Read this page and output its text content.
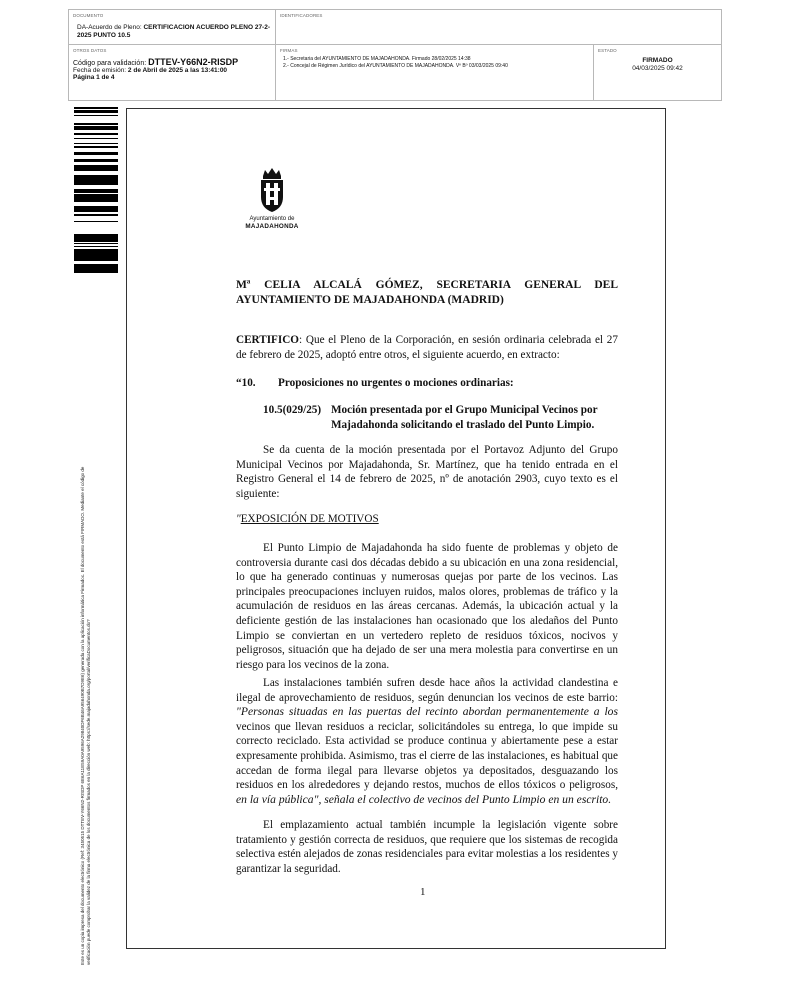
DOCUMENTO
DA-Acuerdo de Pleno: CERTIFICACION ACUERDO PLENO 27-2-2025 PUNTO 10.5
IDENTIFICADORES
OTROS DATOS
Código para validación: DTTEV-Y66N2-RISDP
Fecha de emisión: 2 de Abril de 2025 a las 13:41:00
Página 1 de 4
FIRMAS
1.- Secretaria del AYUNTAMIENTO DE MAJADAHONDA. Firmado 28/02/2025 14:38
2.- Concejal de Régimen Jurídico del AYUNTAMIENTO DE MAJADAHONDA. Vº Bº 03/03/2025 09:40
ESTADO
FIRMADO
04/03/2025 09:42
Este es un copia impresa del documento electrónico (Ref: 3450515 DTTEV-Y66N2-RISDP 6E6A11E59A0A9596A29840DF6B46A956490B7D9E6) generada con la aplicación informática Firmadoc. El documento está FIRMADO. Mediante el código de verificación puede comprobar la validez de la firma electrónica de los documentos firmados en la dirección web: https://sede.majadahonda.org/portal/verificaDocumentos.do?
Ayuntamiento de
MAJADAHONDA
Mª CELIA ALCALÁ GÓMEZ, SECRETARIA GENERAL DEL AYUNTAMIENTO DE MAJADAHONDA (MADRID)
CERTIFICO: Que el Pleno de la Corporación, en sesión ordinaria celebrada el 27 de febrero de 2025, adoptó entre otros, el siguiente acuerdo, en extracto:
“10. Proposiciones no urgentes o mociones ordinarias:
10.5(029/25) Moción presentada por el Grupo Municipal Vecinos por Majadahonda solicitando el traslado del Punto Limpio.
Se da cuenta de la moción presentada por el Portavoz Adjunto del Grupo Municipal Vecinos por Majadahonda, Sr. Martínez, que ha tenido entrada en el Registro General el 14 de febrero de 2025, nº de anotación 2903, cuyo texto es el siguiente:
"EXPOSICIÓN DE MOTIVOS
El Punto Limpio de Majadahonda ha sido fuente de problemas y objeto de controversia durante casi dos décadas debido a su ubicación en una zona residencial, lo que ha generado continuas y numerosas quejas por parte de los vecinos. Las principales preocupaciones incluyen ruidos, malos olores, problemas de tráfico y la acumulación de residuos en las áreas cercanas. Además, la ubicación actual y la deficiente gestión de las instalaciones han ocasionado que los aledaños del Punto Limpio se conviertan en un vertedero repleto de residuos tóxicos, nocivos y peligrosos, situación que ha dejado de ser una mera molestia para convertirse en un riesgo para los vecinos de la zona.
Las instalaciones también sufren desde hace años la actividad clandestina e ilegal de aprovechamiento de residuos, según denuncian los vecinos de este barrio: "Personas situadas en las puertas del recinto abordan permanentemente a los vecinos que llevan residuos a reciclar, solicitándoles su entrega, lo que impide su correcto reciclado. Esta actividad se produce continua y abiertamente pese a estar expresamente prohibida. Asimismo, tras el cierre de las instalaciones, es habitual que accedan de forma ilegal para llevarse objetos ya depositados, desguazando los residuos en los alrededores y dejando restos, muchos de ellos tóxicos o peligrosos, en la vía pública", señala el colectivo de vecinos del Punto Limpio en un escrito.
El emplazamiento actual también incumple la legislación vigente sobre tratamiento y gestión correcta de residuos, que requiere que los sistemas de recogida selectiva estén alejados de zonas residenciales para evitar molestias a los residentes y garantizar la seguridad.
1
